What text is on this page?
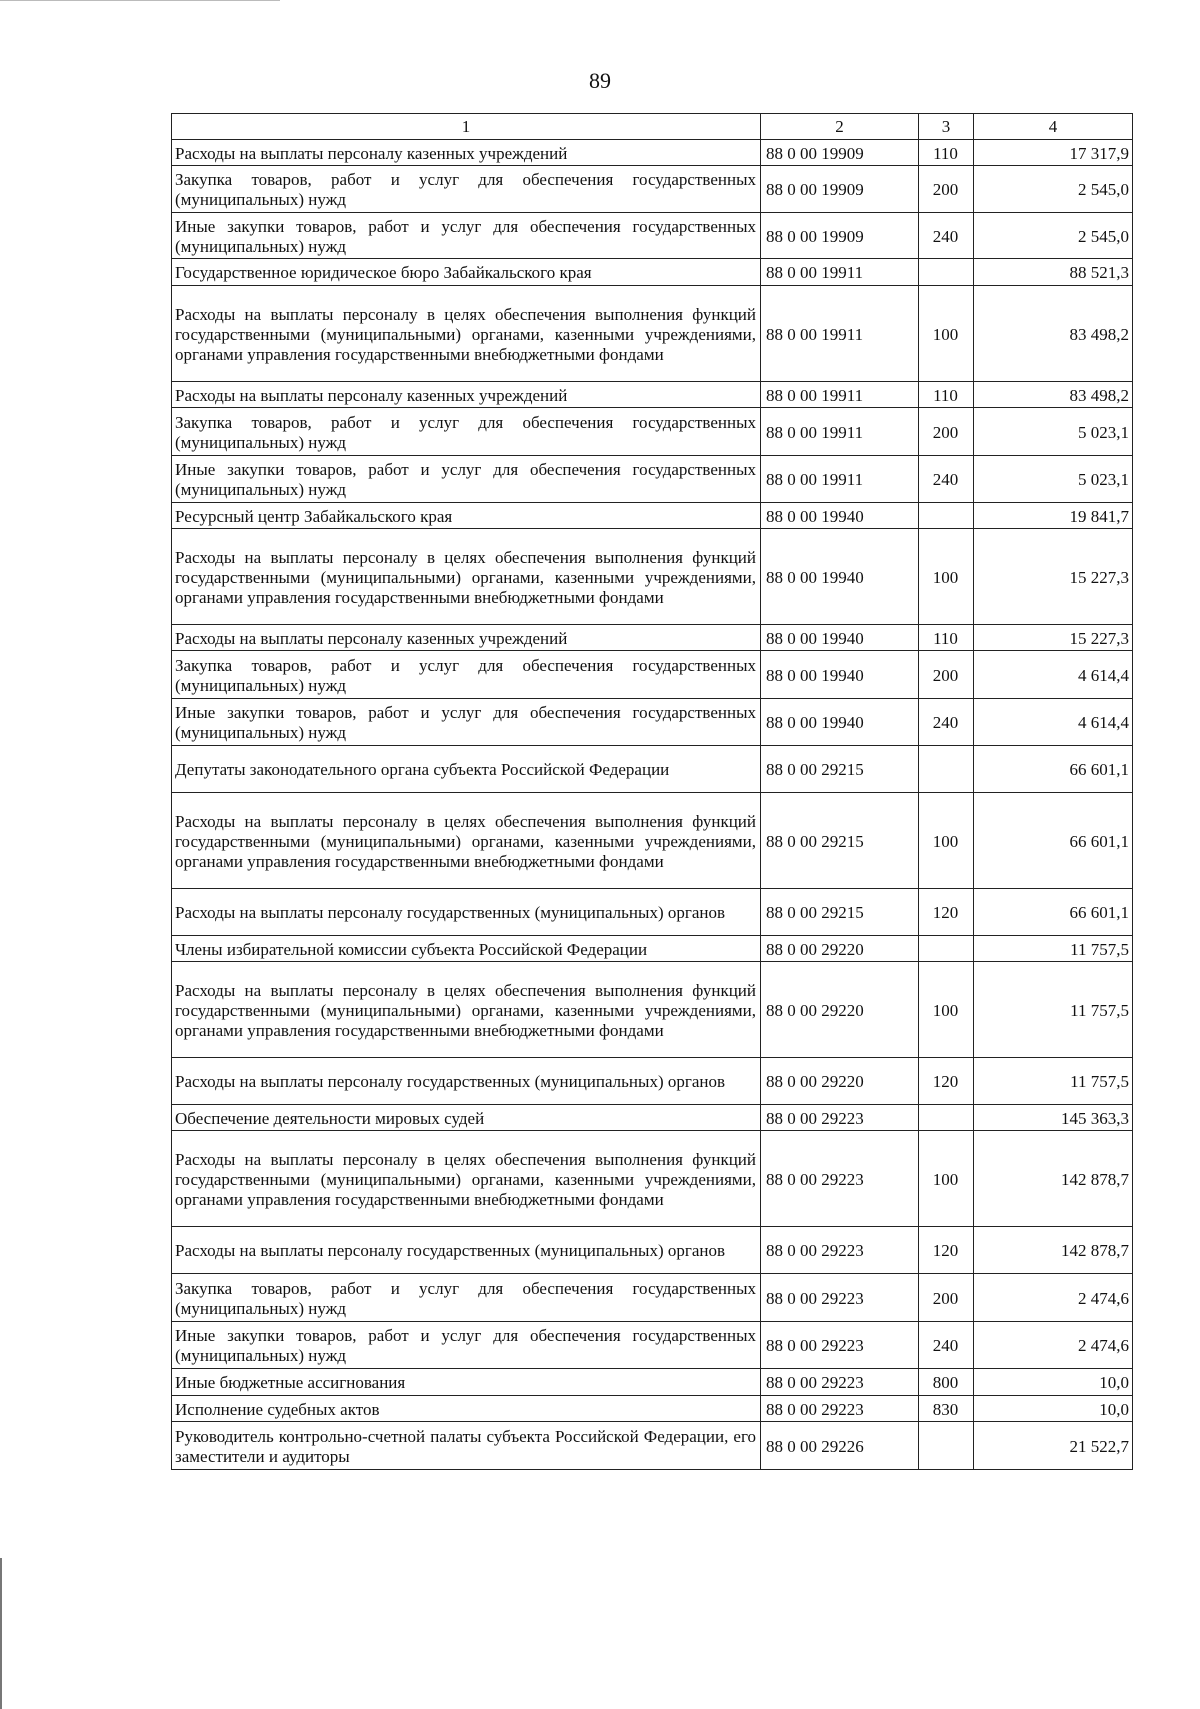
89
1	2	3	4
Расходы на выплаты персоналу казенных учреждений	88 0 00 19909	110	17 317,9
Закупка товаров, работ и услуг для обеспечения государственных (муниципальных) нужд	88 0 00 19909	200	2 545,0
Иные закупки товаров, работ и услуг для обеспечения государственных (муниципальных) нужд	88 0 00 19909	240	2 545,0
Государственное юридическое бюро Забайкальского края	88 0 00 19911		88 521,3
Расходы на выплаты персоналу в целях обеспечения выполнения функций государственными (муниципальными) органами, казенными учреждениями, органами управления государственными внебюджетными фондами	88 0 00 19911	100	83 498,2
Расходы на выплаты персоналу казенных учреждений	88 0 00 19911	110	83 498,2
Закупка товаров, работ и услуг для обеспечения государственных (муниципальных) нужд	88 0 00 19911	200	5 023,1
Иные закупки товаров, работ и услуг для обеспечения государственных (муниципальных) нужд	88 0 00 19911	240	5 023,1
Ресурсный центр Забайкальского края	88 0 00 19940		19 841,7
Расходы на выплаты персоналу в целях обеспечения выполнения функций государственными (муниципальными) органами, казенными учреждениями, органами управления государственными внебюджетными фондами	88 0 00 19940	100	15 227,3
Расходы на выплаты персоналу казенных учреждений	88 0 00 19940	110	15 227,3
Закупка товаров, работ и услуг для обеспечения государственных (муниципальных) нужд	88 0 00 19940	200	4 614,4
Иные закупки товаров, работ и услуг для обеспечения государственных (муниципальных) нужд	88 0 00 19940	240	4 614,4
Депутаты законодательного органа субъекта Российской Федерации	88 0 00 29215		66 601,1
Расходы на выплаты персоналу в целях обеспечения выполнения функций государственными (муниципальными) органами, казенными учреждениями, органами управления государственными внебюджетными фондами	88 0 00 29215	100	66 601,1
Расходы на выплаты персоналу государственных (муниципальных) органов	88 0 00 29215	120	66 601,1
Члены избирательной комиссии субъекта Российской Федерации	88 0 00 29220		11 757,5
Расходы на выплаты персоналу в целях обеспечения выполнения функций государственными (муниципальными) органами, казенными учреждениями, органами управления государственными внебюджетными фондами	88 0 00 29220	100	11 757,5
Расходы на выплаты персоналу государственных (муниципальных) органов	88 0 00 29220	120	11 757,5
Обеспечение деятельности мировых судей	88 0 00 29223		145 363,3
Расходы на выплаты персоналу в целях обеспечения выполнения функций государственными (муниципальными) органами, казенными учреждениями, органами управления государственными внебюджетными фондами	88 0 00 29223	100	142 878,7
Расходы на выплаты персоналу государственных (муниципальных) органов	88 0 00 29223	120	142 878,7
Закупка товаров, работ и услуг для обеспечения государственных (муниципальных) нужд	88 0 00 29223	200	2 474,6
Иные закупки товаров, работ и услуг для обеспечения государственных (муниципальных) нужд	88 0 00 29223	240	2 474,6
Иные бюджетные ассигнования	88 0 00 29223	800	10,0
Исполнение судебных актов	88 0 00 29223	830	10,0
Руководитель контрольно-счетной палаты субъекта Российской Федерации, его заместители и аудиторы	88 0 00 29226		21 522,7
